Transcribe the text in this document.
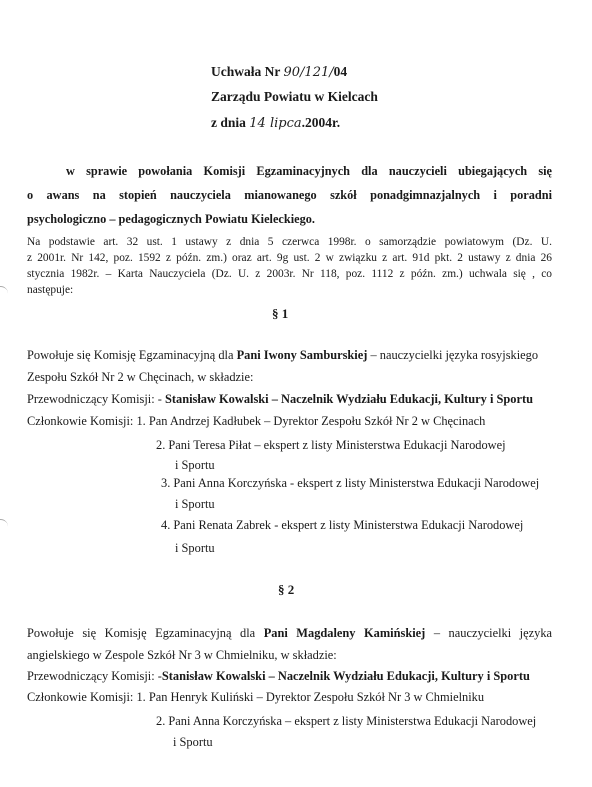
Uchwała Nr 90/121/04
Zarządu Powiatu w Kielcach
z dnia 14 lipca.2004r.
w sprawie powołania Komisji Egzaminacyjnych dla nauczycieli ubiegających się
o awans na stopień nauczyciela mianowanego szkół ponadgimnazjalnych i poradni
psychologiczno – pedagogicznych Powiatu Kieleckiego.
Na podstawie art. 32 ust. 1 ustawy z dnia 5 czerwca 1998r. o samorządzie powiatowym (Dz. U.
z 2001r. Nr 142, poz. 1592 z późn. zm.) oraz art. 9g ust. 2 w związku z art. 91d pkt. 2 ustawy z dnia 26
stycznia 1982r. – Karta Nauczyciela (Dz. U. z 2003r. Nr 118, poz. 1112 z późn. zm.) uchwala się , co
następuje:
§ 1
Powołuje się Komisję Egzaminacyjną dla Pani Iwony Samburskiej – nauczycielki języka rosyjskiego
Zespołu Szkół Nr 2 w Chęcinach, w składzie:
Przewodniczący Komisji: - Stanisław Kowalski – Naczelnik Wydziału Edukacji, Kultury i Sportu
Członkowie Komisji: 1. Pan Andrzej Kadłubek – Dyrektor Zespołu Szkół Nr 2 w Chęcinach
2. Pani Teresa Piłat – ekspert z listy Ministerstwa Edukacji Narodowej
i Sportu
3. Pani Anna Korczyńska - ekspert z listy Ministerstwa Edukacji Narodowej
i Sportu
4. Pani Renata Zabrek - ekspert z listy Ministerstwa Edukacji Narodowej
i Sportu
§ 2
Powołuje się Komisję Egzaminacyjną dla Pani Magdaleny Kamińskiej – nauczycielki języka
angielskiego w Zespole Szkół Nr 3 w Chmielniku, w składzie:
Przewodniczący Komisji: -Stanisław Kowalski – Naczelnik Wydziału Edukacji, Kultury i Sportu
Członkowie Komisji: 1. Pan Henryk Kuliński – Dyrektor Zespołu Szkół Nr 3 w Chmielniku
2. Pani Anna Korczyńska – ekspert z listy Ministerstwa Edukacji Narodowej
i Sportu
